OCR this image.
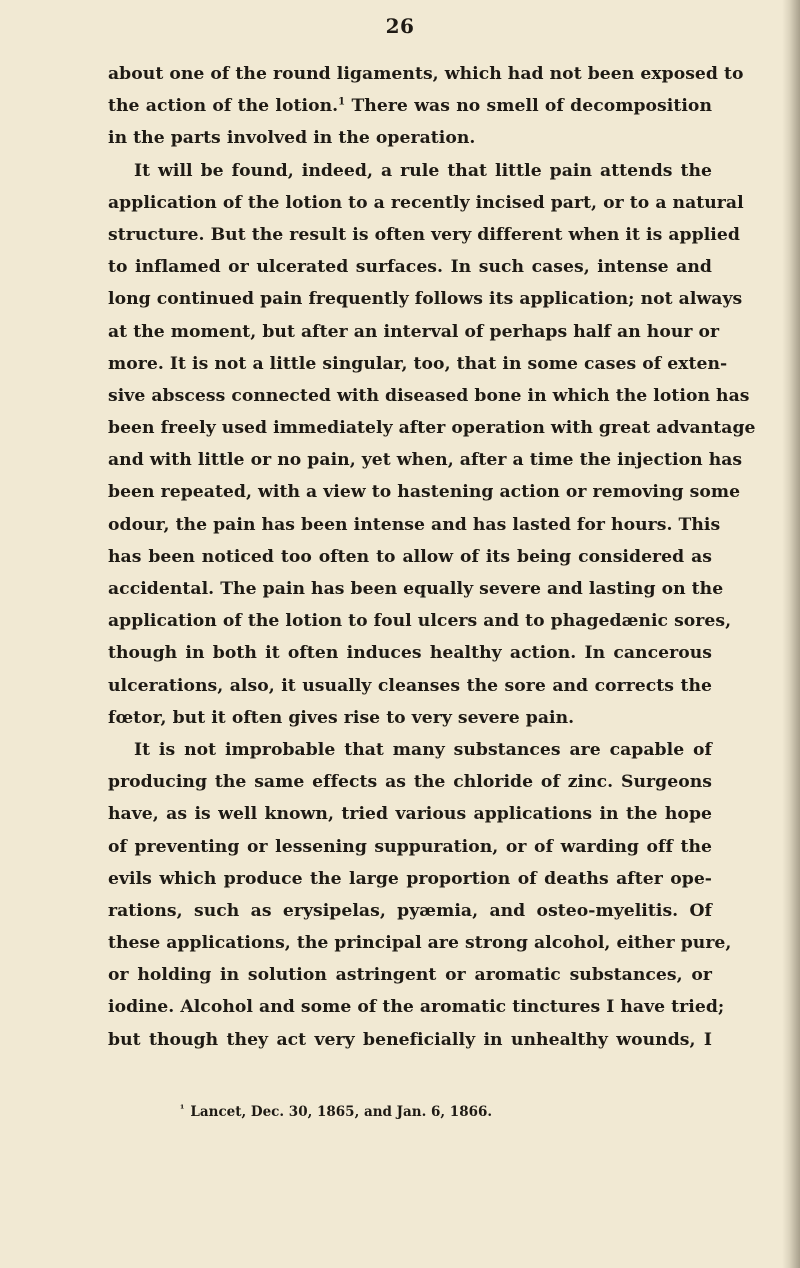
26
about one of the round ligaments, which had not been exposed to
the action of the lotion.$^1$ There was no smell of decomposition
in the parts involved in the operation.
It will be found, indeed, a rule that little pain attends the
application of the lotion to a recently incised part, or to a natural
structure. But the result is often very different when it is applied
to inflamed or ulcerated surfaces. In such cases, intense and
long continued pain frequently follows its application; not always
at the moment, but after an interval of perhaps half an hour or
more. It is not a little singular, too, that in some cases of exten-
sive abscess connected with diseased bone in which the lotion has
been freely used immediately after operation with great advantage
and with little or no pain, yet when, after a time the injection has
been repeated, with a view to hastening action or removing some
odour, the pain has been intense and has lasted for hours. This
has been noticed too often to allow of its being considered as
accidental. The pain has been equally severe and lasting on the
application of the lotion to foul ulcers and to phagedænic sores,
though in both it often induces healthy action. In cancerous
ulcerations, also, it usually cleanses the sore and corrects the
fœtor, but it often gives rise to very severe pain.
It is not improbable that many substances are capable of
producing the same effects as the chloride of zinc. Surgeons
have, as is well known, tried various applications in the hope
of preventing or lessening suppuration, or of warding off the
evils which produce the large proportion of deaths after ope-
rations, such as erysipelas, pyæmia, and osteo-myelitis. Of
these applications, the principal are strong alcohol, either pure,
or holding in solution astringent or aromatic substances, or
iodine. Alcohol and some of the aromatic tinctures I have tried;
but though they act very beneficially in unhealthy wounds, I
$^{^1}$ Lancet, Dec. 30, 1865, and Jan. 6, 1866.
